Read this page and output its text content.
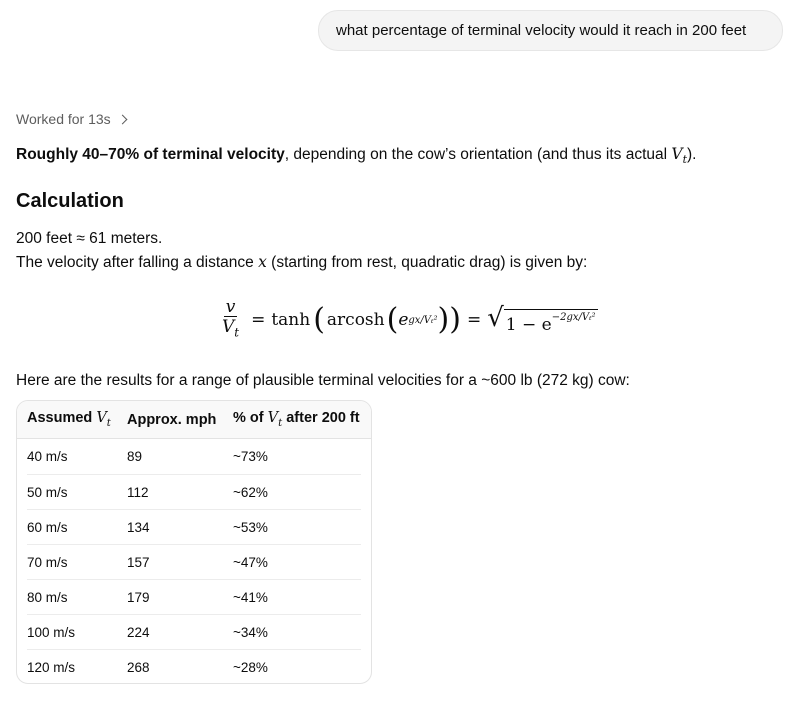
what percentage of terminal velocity would it reach in 200 feet
Worked for 13s
Roughly 40–70% of terminal velocity, depending on the cow’s orientation (and thus its actual $V_t$).
Calculation
200 feet ≈ 61 meters.
The velocity after falling a distance x (starting from rest, quadratic drag) is given by:
$\frac{v}{V_t} = \tanh$ ( arcosh ( e gx/Vₜ² ) ) = √ $1 - e^{-2gx/V_t^2}$
Here are the results for a range of plausible terminal velocities for a ~600 lb (272 kg) cow:
Assumed $V_t$	Approx. mph	% of $V_t$ after 200 ft
40 m/s	89	~73%
50 m/s	112	~62%
60 m/s	134	~53%
70 m/s	157	~47%
80 m/s	179	~41%
100 m/s	224	~34%
120 m/s	268	~28%
